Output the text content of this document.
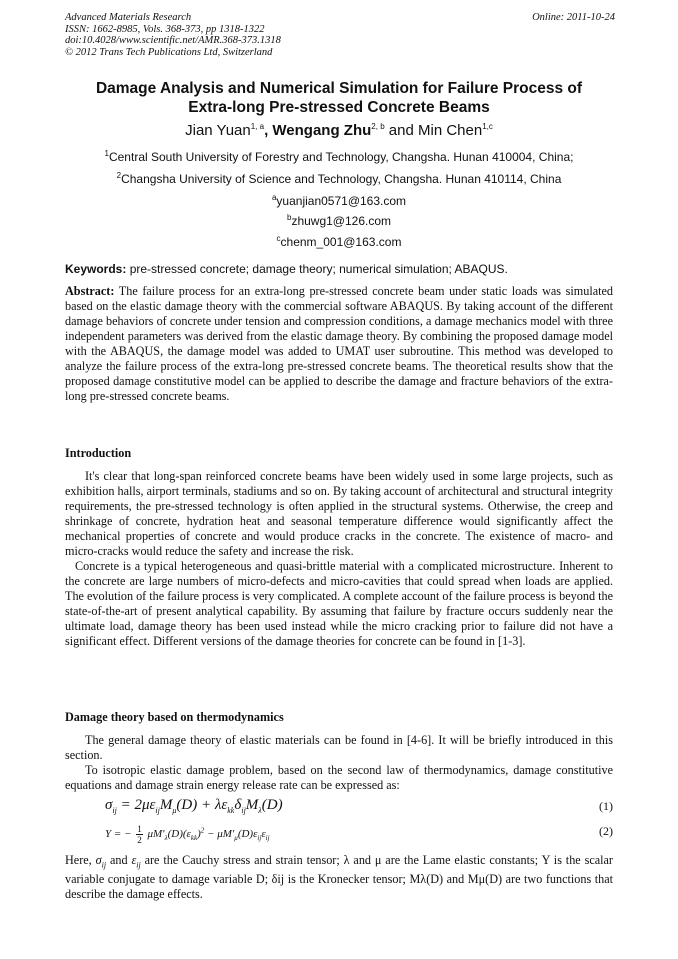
Advanced Materials Research
ISSN: 1662-8985, Vols. 368-373, pp 1318-1322
doi:10.4028/www.scientific.net/AMR.368-373.1318
© 2012 Trans Tech Publications Ltd, Switzerland
Online: 2011-10-24
Damage Analysis and Numerical Simulation for Failure Process of
Extra-long Pre-stressed Concrete Beams
Jian Yuan$^{1, a}$, Wengang Zhu$^{2, b}$ and Min Chen$^{1,c}$
$^1$Central South University of Forestry and Technology, Changsha. Hunan 410004, China;
$^2$Changsha University of Science and Technology, Changsha. Hunan 410114, China
$^a$yuanjian0571@163.com
$^b$zhuwg1@126.com
$^c$chenm_001@163.com
Keywords: pre-stressed concrete; damage theory; numerical simulation; ABAQUS.

Abstract: The failure process for an extra-long pre-stressed concrete beam under static loads was simulated based on the elastic damage theory with the commercial software ABAQUS. By taking account of the different damage behaviors of concrete under tension and compression conditions, a damage mechanics model with three independent parameters was derived from the elastic damage theory. By combining the proposed damage model with the ABAQUS, the damage model was added to UMAT user subroutine. This method was developed to analyze the failure process of the extra-long pre-stressed concrete beams. The theoretical results show that the proposed damage constitutive model can be applied to describe the damage and fracture behaviors of the extra-long pre-stressed concrete beams.

Introduction

It's clear that long-span reinforced concrete beams have been widely used in some large projects, such as exhibition halls, airport terminals, stadiums and so on. By taking account of architectural and structural integrity requirements, the pre-stressed technology is often applied in the structural systems. Otherwise, the creep and shrinkage of concrete, hydration heat and seasonal temperature difference would significantly affect the mechanical properties of concrete and would produce cracks in the concrete. The existence of macro- and micro-cracks would reduce the safety and increase the risk.

Concrete is a typical heterogeneous and quasi-brittle material with a complicated microstructure. Inherent to the concrete are large numbers of micro-defects and micro-cavities that could spread when loads are applied. The evolution of the failure process is very complicated. A complete account of the failure process is beyond the state-of-the-art of present analytical capability. By assuming that failure by fracture occurs suddenly near the ultimate load, damage theory has been used instead while the micro cracking prior to failure did not have a significant effect. Different versions of the damage theories for concrete can be found in [1-3].

Damage theory based on thermodynamics

The general damage theory of elastic materials can be found in [4-6]. It will be briefly introduced in this section.

To isotropic elastic damage problem, based on the second law of thermodynamics, damage constitutive equations and damage strain energy release rate can be expressed as:

$\sigma_{ij} = 2\mu\varepsilon_{ij}M_\mu(D) + \lambda\varepsilon_{kk}\delta_{ij}M_\lambda(D)$	(1)
Y = − $\frac{1}{2} \mu M'_\lambda(D)(\varepsilon_{kk})^2 - \mu M'_\mu(D)\varepsilon_{ij}\varepsilon_{ij}$
(2)

Here, $\sigma_{ij}$ and $\varepsilon_{ij}$ are the Cauchy stress and strain tensor; λ and μ are the Lame elastic constants; Y is the scalar variable conjugate to damage variable D; δij is the Kronecker tensor; Mλ(D) and Mμ(D) are two functions that describe the damage effects.
